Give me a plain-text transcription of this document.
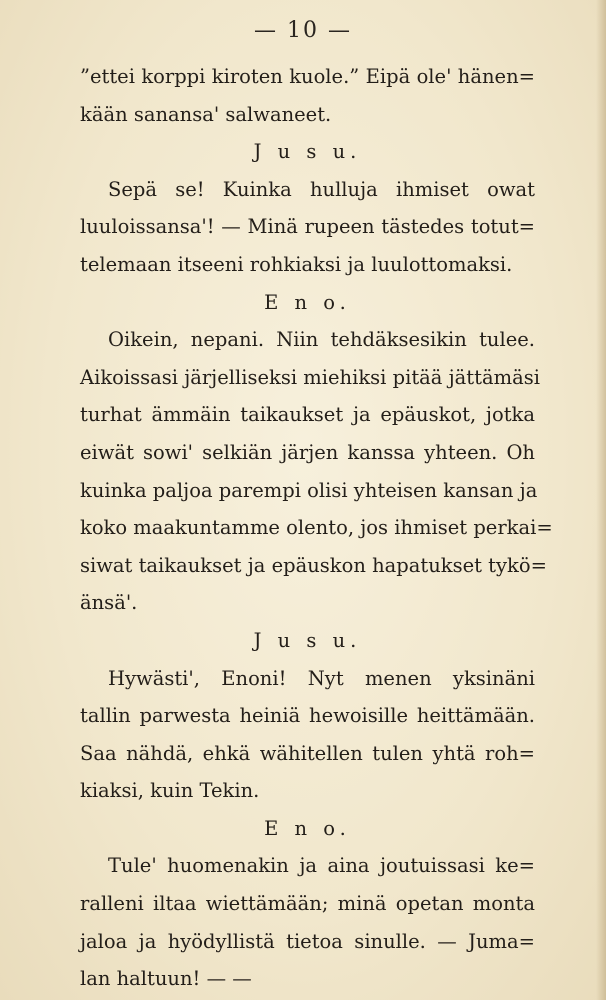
— 10 —
”ettei korppi kiroten kuole.” Eipä ole' hänen=
kään sanansa' salwaneet.
J u s u.
Sepä se! Kuinka hulluja ihmiset owat
luuloissansa'! — Minä rupeen tästedes totut=
telemaan itseeni rohkiaksi ja luulottomaksi.
E n o.
Oikein, nepani. Niin tehdäksesikin tulee.
Aikoissasi järjelliseksi miehiksi pitää jättämäsi
turhat ämmäin taikaukset ja epäuskot, jotka
eiwät sowi' selkiän järjen kanssa yhteen. Oh
kuinka paljoa parempi olisi yhteisen kansan ja
koko maakuntamme olento, jos ihmiset perkai=
siwat taikaukset ja epäuskon hapatukset tykö=
änsä'.
J u s u.
Hywästi', Enoni! Nyt menen yksinäni
tallin parwesta heiniä hewoisille heittämään.
Saa nähdä, ehkä wähitellen tulen yhtä roh=
kiaksi, kuin Tekin.
E n o.
Tule' huomenakin ja aina joutuissasi ke=
ralleni iltaa wiettämään; minä opetan monta
jaloa ja hyödyllistä tietoa sinulle. — Juma=
lan haltuun! — —
